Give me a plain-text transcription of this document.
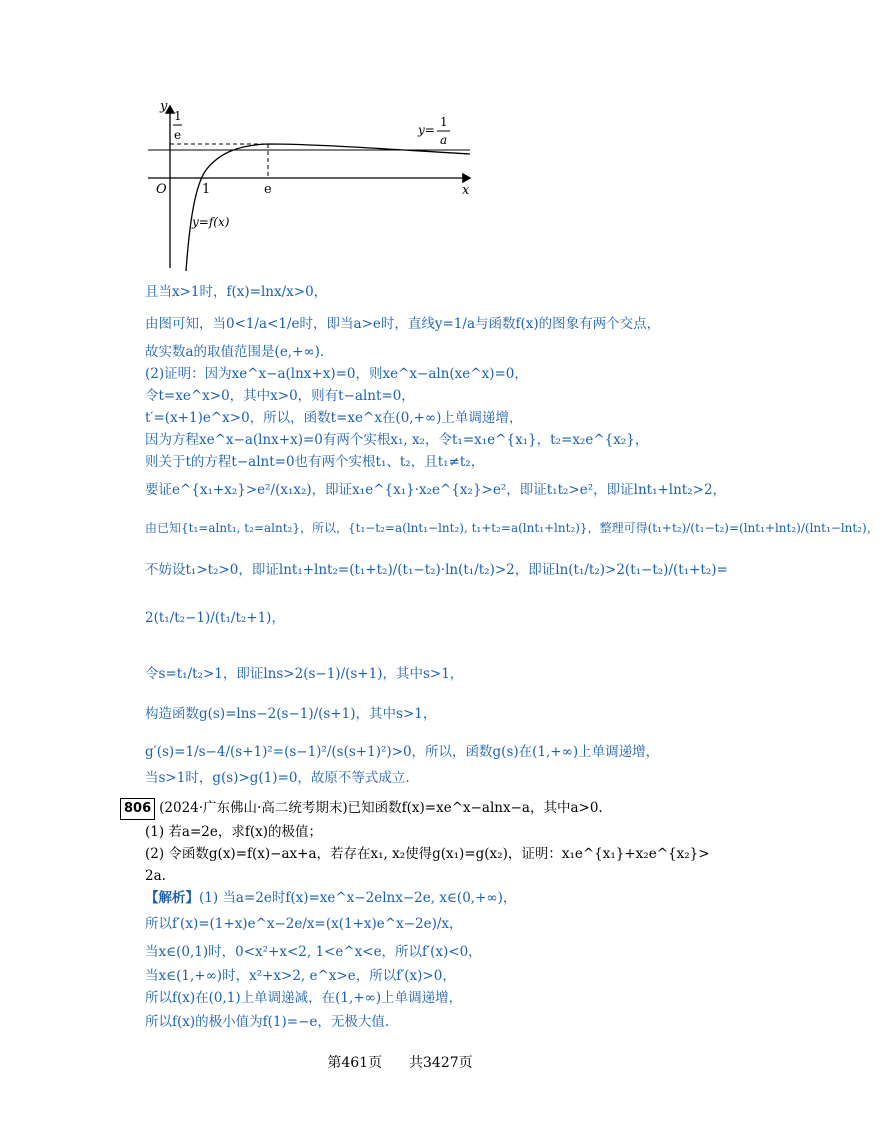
y
x
O	1	e
1
e
y=f(x)
y=
1
a
且当x>1时，f(x)=lnx/x>0，
由图可知，当0<1/a<1/e时，即当a>e时，直线y=1/a与函数f(x)的图象有两个交点，
故实数a的取值范围是(e,+∞).
(2)证明：因为xe^x−a(lnx+x)=0，则xe^x−aln(xe^x)=0，
令t=xe^x>0，其中x>0，则有t−alnt=0，
t′=(x+1)e^x>0，所以，函数t=xe^x在(0,+∞)上单调递增，
因为方程xe^x−a(lnx+x)=0有两个实根x₁, x₂，令t₁=x₁e^{x₁}，t₂=x₂e^{x₂}，
则关于t的方程t−alnt=0也有两个实根t₁、t₂，且t₁≠t₂，
要证e^{x₁+x₂}>e²/(x₁x₂)，即证x₁e^{x₁}·x₂e^{x₂}>e²，即证t₁t₂>e²，即证lnt₁+lnt₂>2，
由已知{t₁=alnt₁, t₂=alnt₂}，所以，{t₁−t₂=a(lnt₁−lnt₂), t₁+t₂=a(lnt₁+lnt₂)}，整理可得(t₁+t₂)/(t₁−t₂)=(lnt₁+lnt₂)/(lnt₁−lnt₂)，
不妨设t₁>t₂>0，即证lnt₁+lnt₂=(t₁+t₂)/(t₁−t₂)·ln(t₁/t₂)>2，即证ln(t₁/t₂)>2(t₁−t₂)/(t₁+t₂)=
2(t₁/t₂−1)/(t₁/t₂+1)，
令s=t₁/t₂>1，即证lns>2(s−1)/(s+1)，其中s>1，
构造函数g(s)=lns−2(s−1)/(s+1)，其中s>1，
g′(s)=1/s−4/(s+1)²=(s−1)²/(s(s+1)²)>0，所以，函数g(s)在(1,+∞)上单调递增，
当s>1时，g(s)>g(1)=0，故原不等式成立.
806 (2024·广东佛山·高二统考期末)已知函数f(x)=xe^x−alnx−a，其中a>0.
(1) 若a=2e，求f(x)的极值；
(2) 令函数g(x)=f(x)−ax+a，若存在x₁, x₂使得g(x₁)=g(x₂)，证明：x₁e^{x₁}+x₂e^{x₂}>
2a.
【解析】(1) 当a=2e时f(x)=xe^x−2elnx−2e, x∈(0,+∞)，
所以f′(x)=(1+x)e^x−2e/x=(x(1+x)e^x−2e)/x，
当x∈(0,1)时，0<x²+x<2, 1<e^x<e，所以f′(x)<0，
当x∈(1,+∞)时，x²+x>2, e^x>e，所以f′(x)>0，
所以f(x)在(0,1)上单调递减，在(1,+∞)上单调递增，
所以f(x)的极小值为f(1)=−e，无极大值.
第461页 共3427页
